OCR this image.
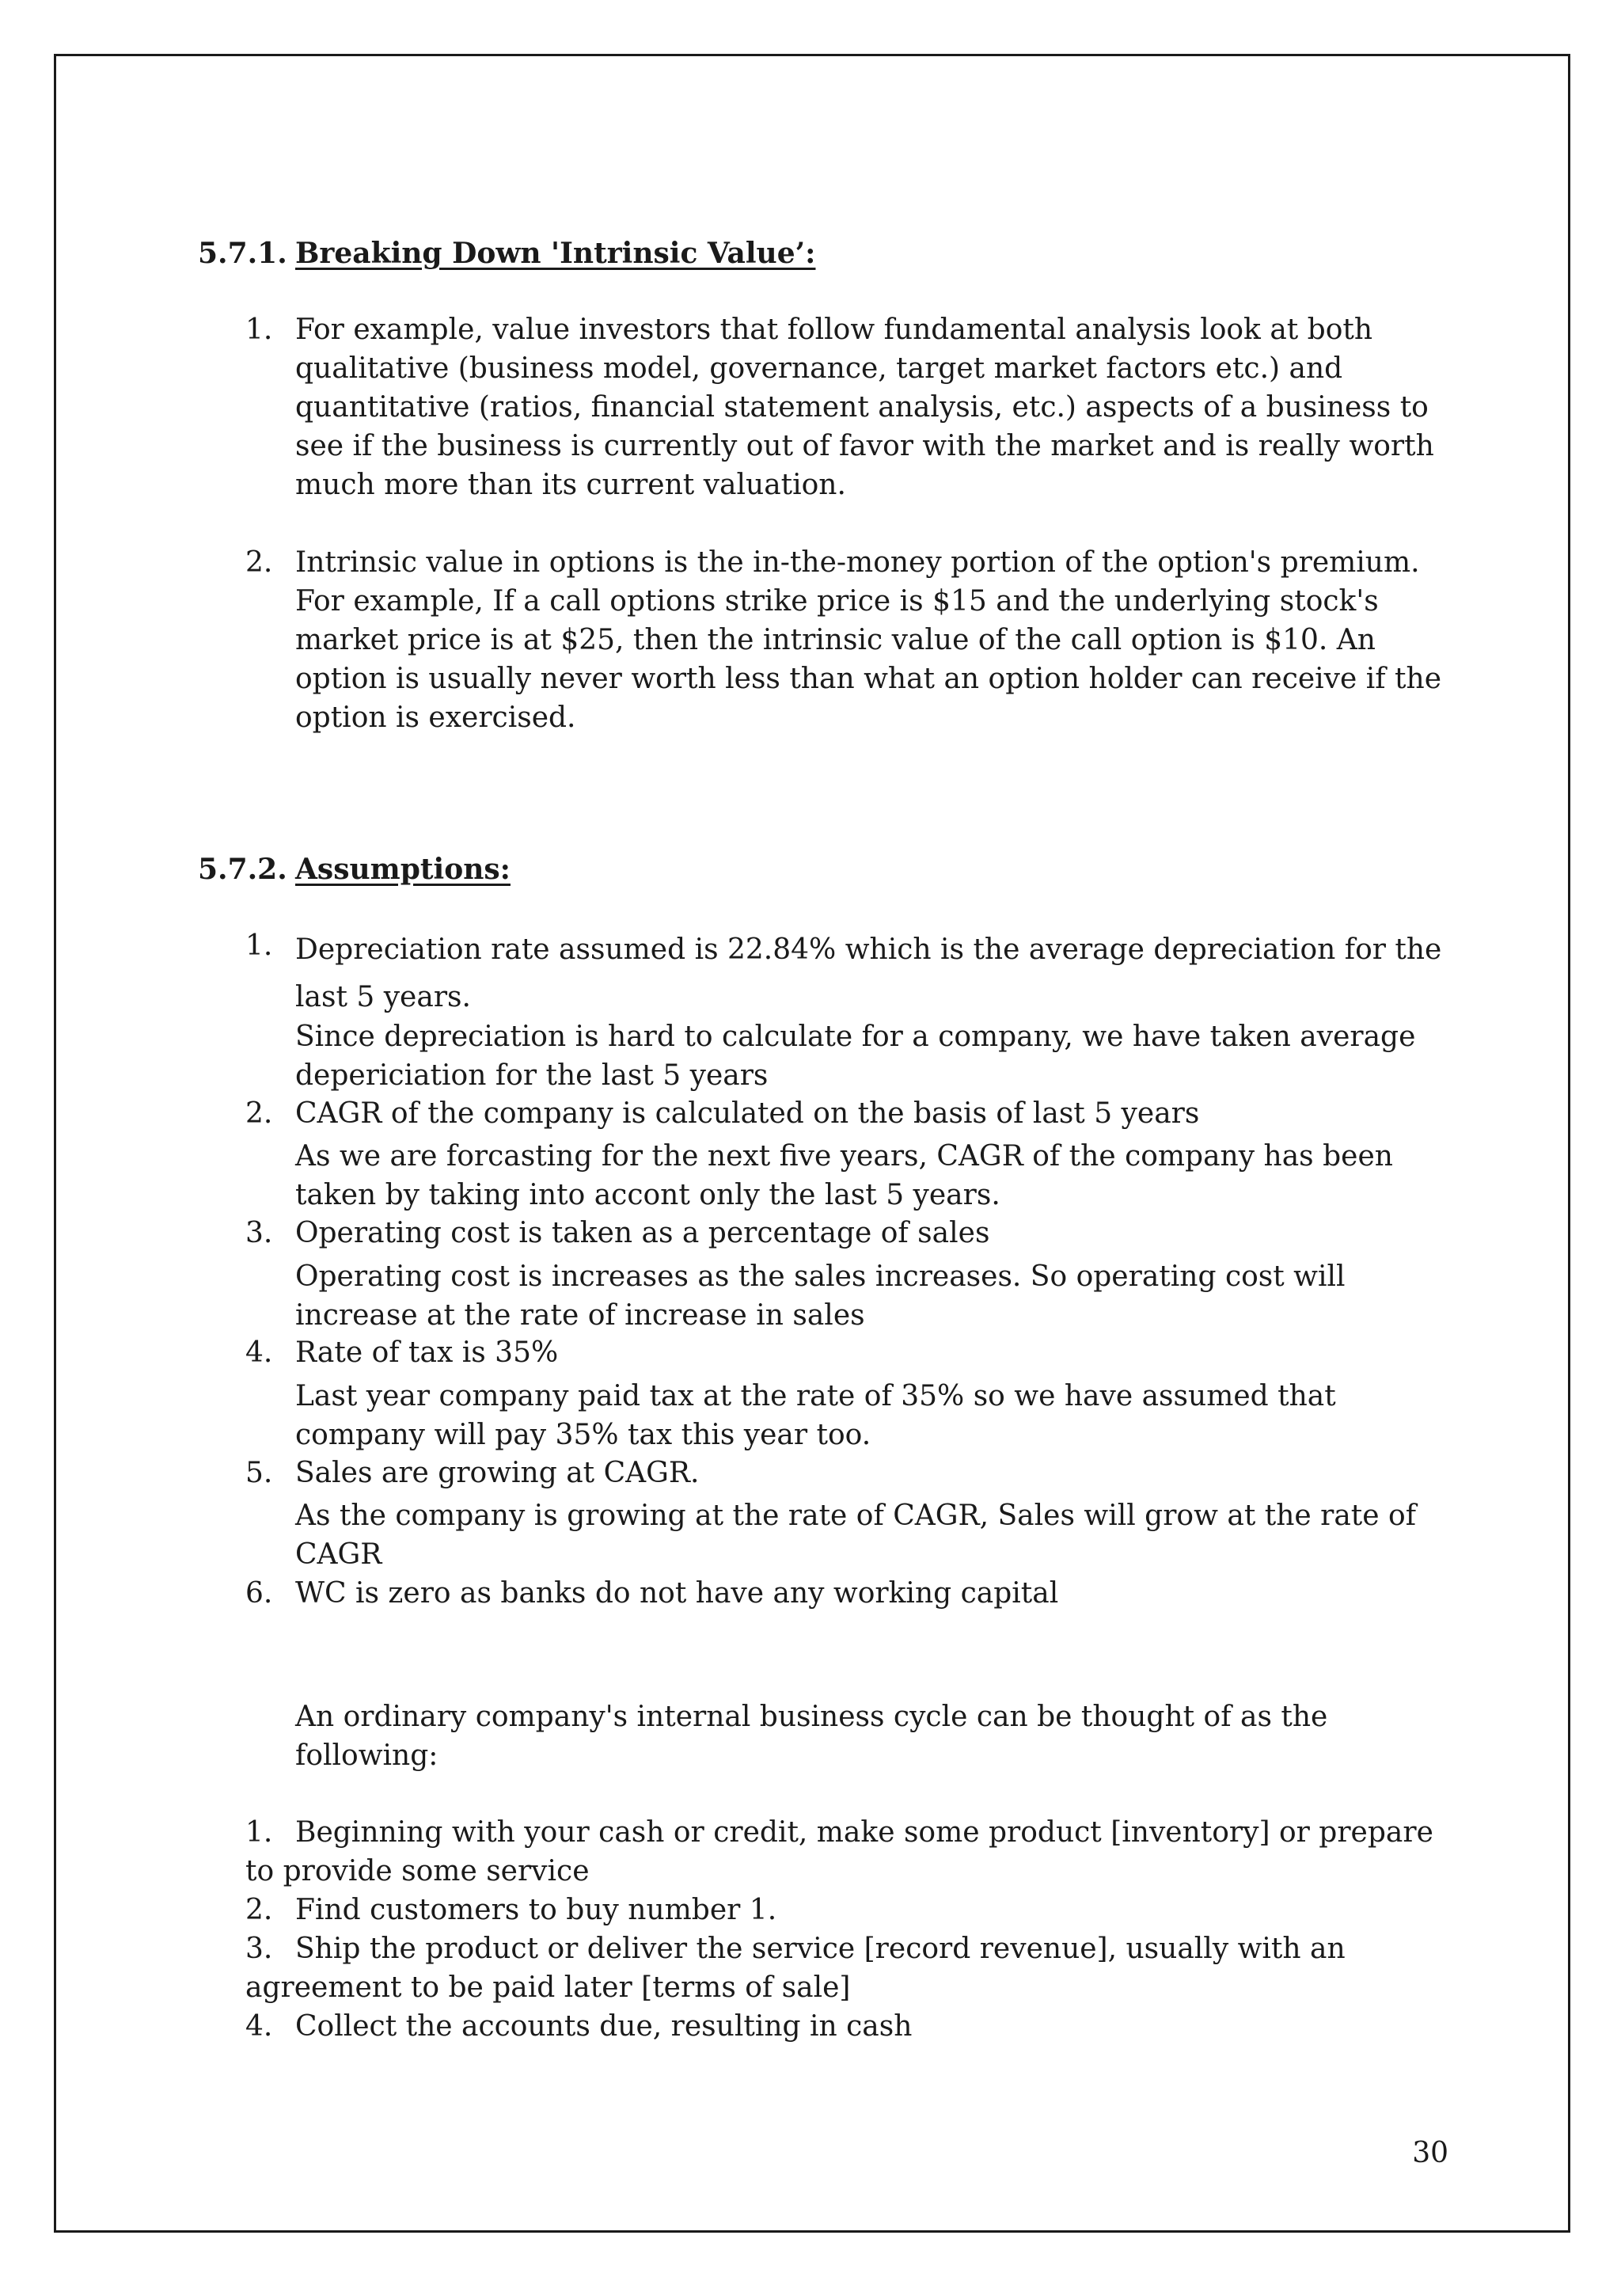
5.7.1. Breaking Down 'Intrinsic Value’:
1. For example, value investors that follow fundamental analysis look at both qualitative (business model, governance, target market factors etc.) and quantitative (ratios, financial statement analysis, etc.) aspects of a business to see if the business is currently out of favor with the market and is really worth much more than its current valuation.
2. Intrinsic value in options is the in-the-money portion of the option's premium. For example, If a call options strike price is $15 and the underlying stock's market price is at $25, then the intrinsic value of the call option is $10. An option is usually never worth less than what an option holder can receive if the option is exercised.
5.7.2. Assumptions:
1. Depreciation rate assumed is 22.84% which is the average depreciation for the last 5 years.
Since depreciation is hard to calculate for a company, we have taken average depericiation for the last 5 years
2. CAGR of the company is calculated on the basis of last 5 years
As we are forcasting for the next five years, CAGR of the company has been taken by taking into accont only the last 5 years.
3. Operating cost is taken as a percentage of sales
Operating cost is increases as the sales increases. So operating cost will increase at the rate of increase in sales
4. Rate of tax is 35%
Last year company paid tax at the rate of 35% so we have assumed that company will pay 35% tax this year too.
5. Sales are growing at CAGR.
As the company is growing at the rate of CAGR, Sales will grow at the rate of CAGR
6. WC is zero as banks do not have any working capital
An ordinary company's internal business cycle can be thought of as the following:
1. Beginning with your cash or credit, make some product [inventory] or prepare to provide some service
2. Find customers to buy number 1.
3. Ship the product or deliver the service [record revenue], usually with an agreement to be paid later [terms of sale]
4. Collect the accounts due, resulting in cash
30
